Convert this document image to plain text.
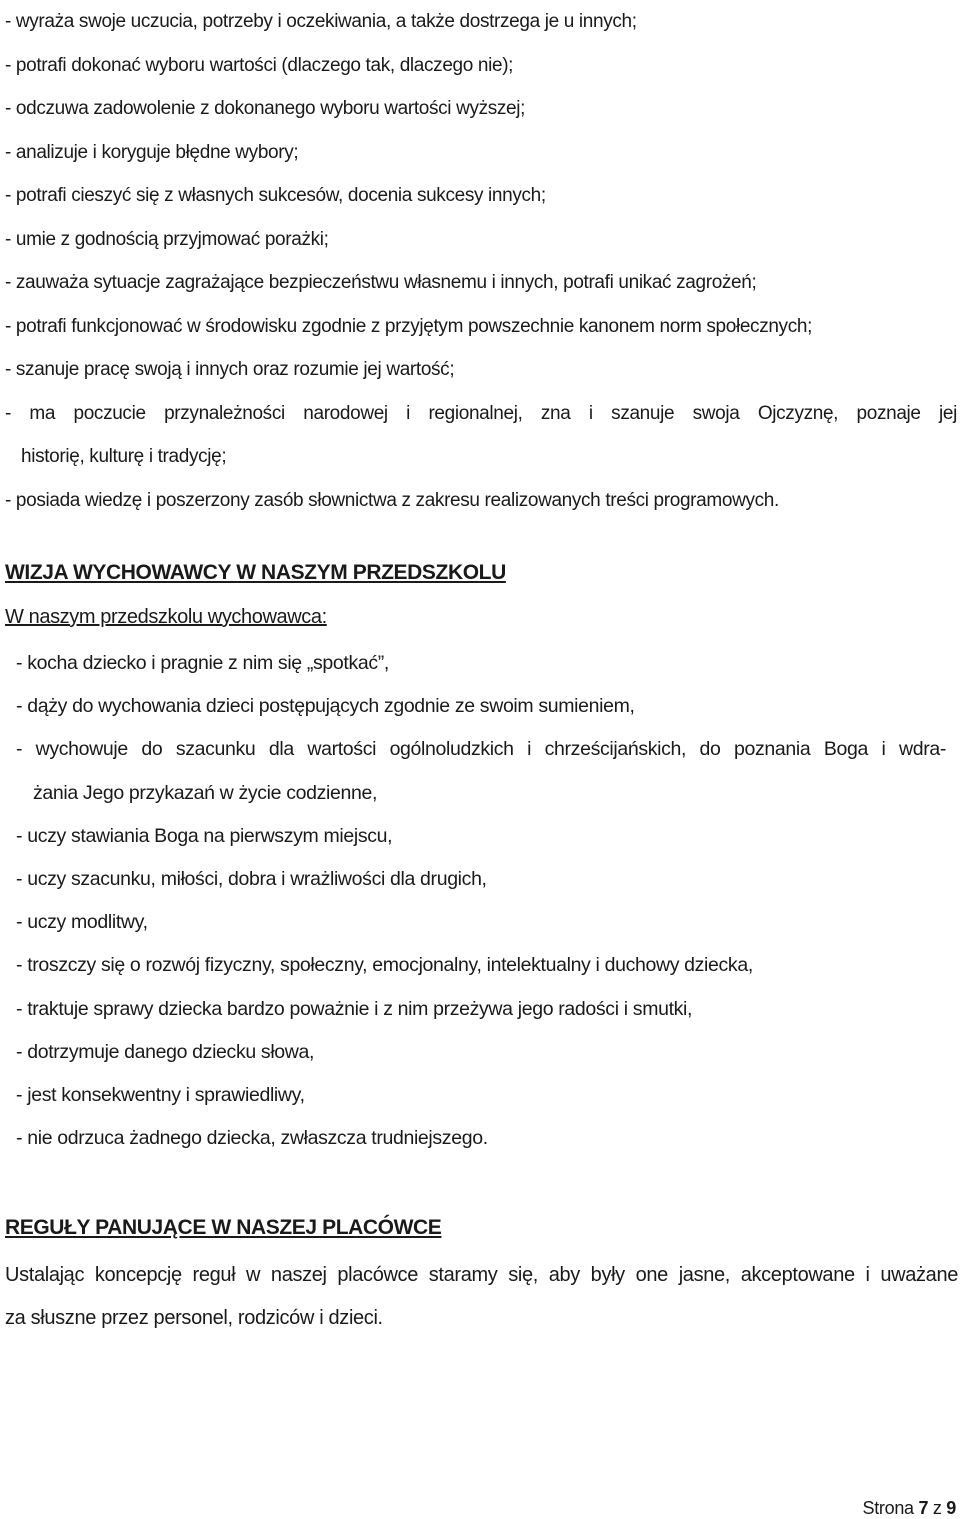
- wyraża swoje uczucia, potrzeby i oczekiwania, a także dostrzega je u innych;
- potrafi dokonać wyboru wartości (dlaczego tak, dlaczego nie);
- odczuwa zadowolenie z dokonanego wyboru wartości wyższej;
- analizuje i koryguje błędne wybory;
- potrafi cieszyć się z własnych sukcesów, docenia sukcesy innych;
- umie z godnością przyjmować porażki;
- zauważa sytuacje zagrażające bezpieczeństwu własnemu i innych, potrafi unikać zagrożeń;
- potrafi funkcjonować w środowisku zgodnie z przyjętym powszechnie kanonem norm społecznych;
- szanuje pracę swoją i innych oraz rozumie jej wartość;
- ma poczucie przynależności narodowej i regionalnej, zna i szanuje swoja Ojczyznę, poznaje jej
historię, kulturę i tradycję;
- posiada wiedzę i poszerzony zasób słownictwa z zakresu realizowanych treści programowych.
WIZJA WYCHOWAWCY W NASZYM PRZEDSZKOLU
W naszym przedszkolu wychowawca:
- kocha dziecko i pragnie z nim się „spotkać”,
- dąży do wychowania dzieci postępujących zgodnie ze swoim sumieniem,
- wychowuje do szacunku dla wartości ogólnoludzkich i chrześcijańskich, do poznania Boga i wdra-
żania Jego przykazań w życie codzienne,
- uczy stawiania Boga na pierwszym miejscu,
- uczy szacunku, miłości, dobra i wrażliwości dla drugich,
- uczy modlitwy,
- troszczy się o rozwój fizyczny, społeczny, emocjonalny, intelektualny i duchowy dziecka,
- traktuje sprawy dziecka bardzo poważnie i z nim przeżywa jego radości i smutki,
- dotrzymuje danego dziecku słowa,
- jest konsekwentny i sprawiedliwy,
- nie odrzuca żadnego dziecka, zwłaszcza trudniejszego.
REGUŁY PANUJĄCE W NASZEJ PLACÓWCE
Ustalając koncepcję reguł w naszej placówce staramy się, aby były one jasne, akceptowane i uważane
za słuszne przez personel, rodziców i dzieci.
Strona 7 z 9
